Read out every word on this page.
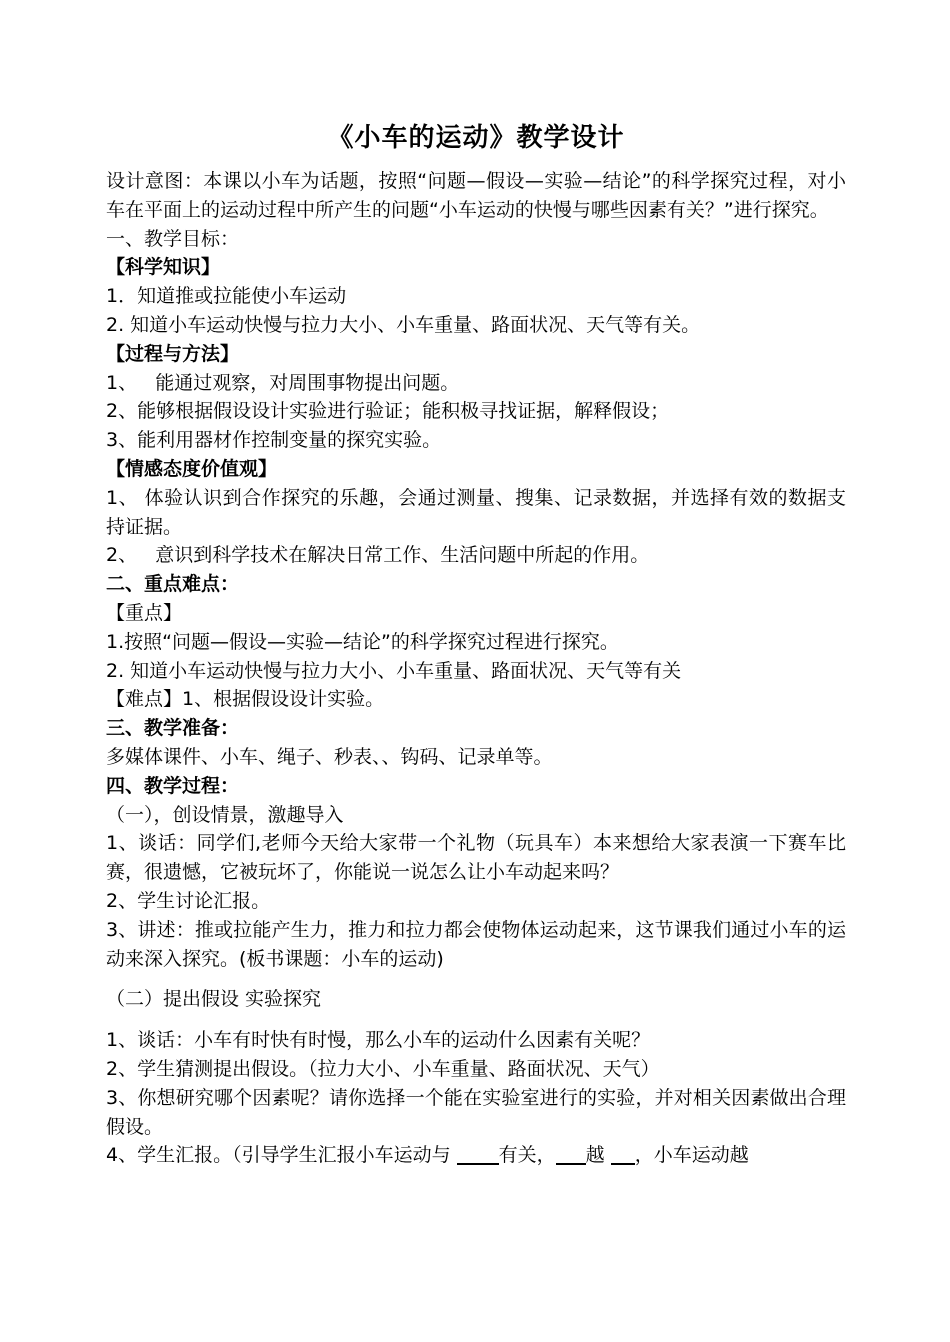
《小车的运动》教学设计

设计意图：本课以小车为话题，按照“问题—假设—实验—结论”的科学探究过程，对小车在平面上的运动过程中所产生的问题“小车运动的快慢与哪些因素有关？”进行探究。

一、教学目标：

【科学知识】

1．知道推或拉能使小车运动

2. 知道小车运动快慢与拉力大小、小车重量、路面状况、天气等有关。

【过程与方法】

1、   能通过观察，对周围事物提出问题。

2、能够根据假设设计实验进行验证；能积极寻找证据，解释假设；

3、能利用器材作控制变量的探究实验。

【情感态度价值观】

1、 体验认识到合作探究的乐趣，会通过测量、搜集、记录数据，并选择有效的数据支持证据。

2、   意识到科学技术在解决日常工作、生活问题中所起的作用。

二、重点难点：

【重点】

1.按照“问题—假设—实验—结论”的科学探究过程进行探究。

2. 知道小车运动快慢与拉力大小、小车重量、路面状况、天气等有关

【难点】1、根据假设设计实验。

三、教学准备：

多媒体课件、小车、绳子、秒表、、钩码、记录单等。

四、教学过程：

（一），创设情景，激趣导入

1、谈话：同学们,老师今天给大家带一个礼物（玩具车）本来想给大家表演一下赛车比赛，很遗憾，它被玩坏了，你能说一说怎么让小车动起来吗？

2、学生讨论汇报。

3、讲述：推或拉能产生力，推力和拉力都会使物体运动起来，这节课我们通过小车的运动来深入探究。(板书课题：小车的运动)

（二）提出假设 实验探究

1、谈话：小车有时快有时慢，那么小车的运动什么因素有关呢？

2、学生猜测提出假设。（拉力大小、小车重量、路面状况、天气）

3、你想研究哪个因素呢？请你选择一个能在实验室进行的实验，并对相关因素做出合理假设。

4、学生汇报。（引导学生汇报小车运动与 有关， 越 ，小车运动越
